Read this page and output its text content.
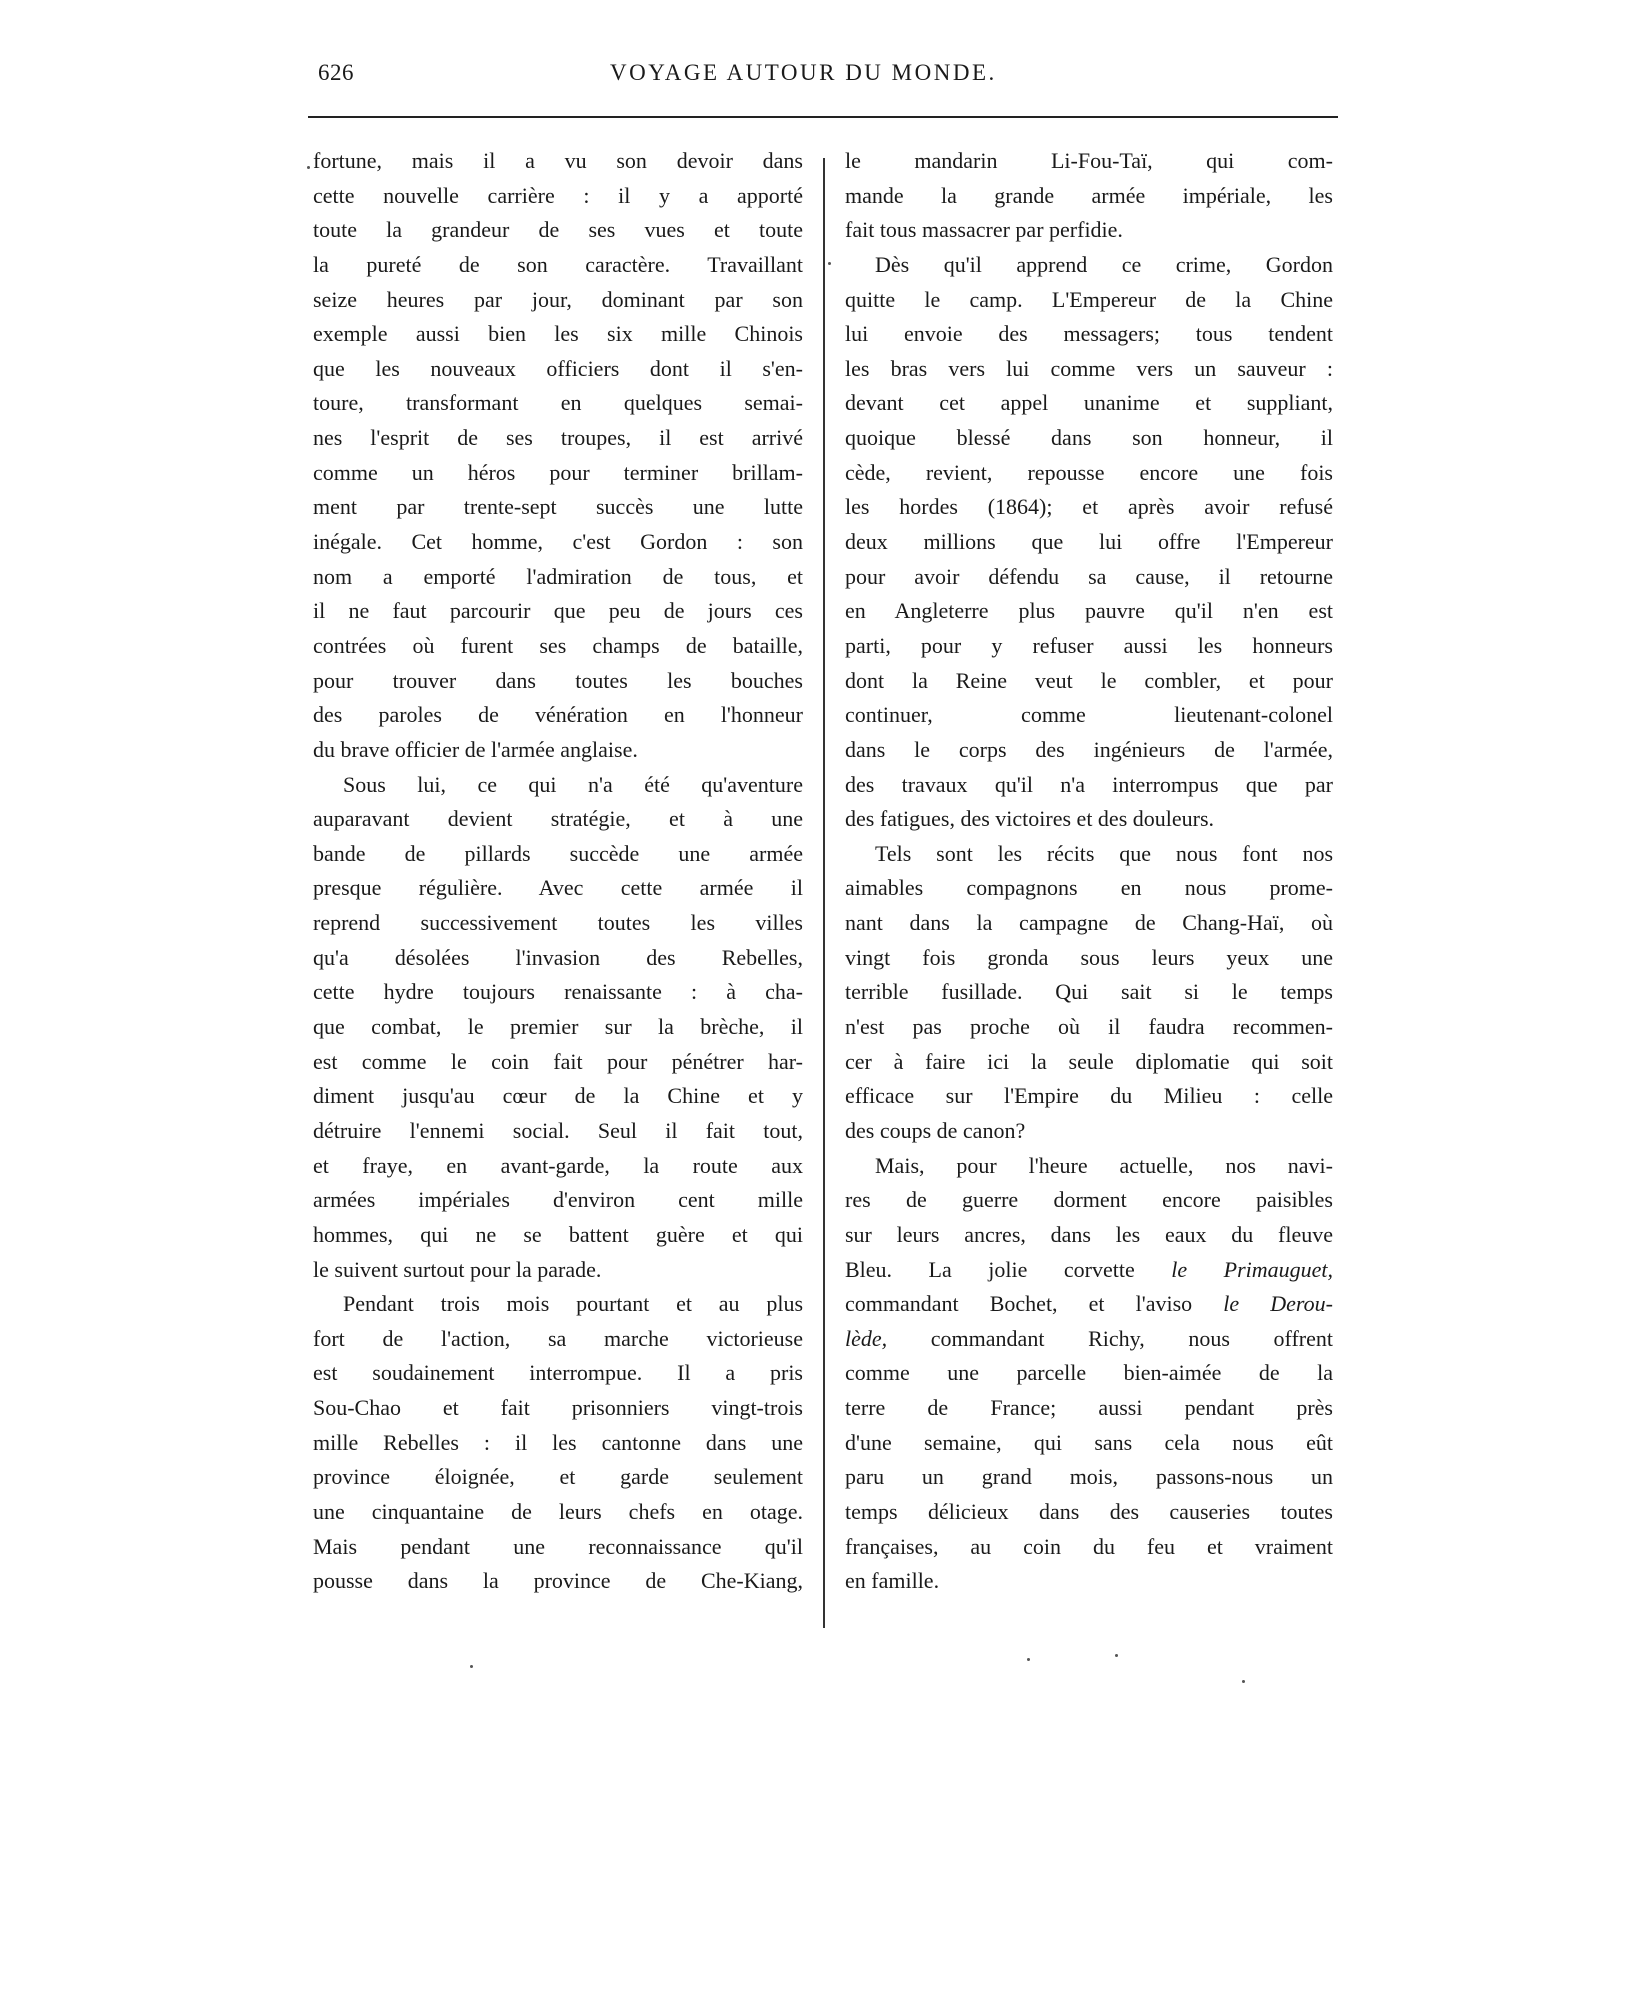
626	VOYAGE AUTOUR DU MONDE.
fortune, mais il a vu son devoir dans
cette nouvelle carrière : il y a apporté
toute la grandeur de ses vues et toute
la pureté de son caractère. Travaillant
seize heures par jour, dominant par son
exemple aussi bien les six mille Chinois
que les nouveaux officiers dont il s'en-
toure, transformant en quelques semai-
nes l'esprit de ses troupes, il est arrivé
comme un héros pour terminer brillam-
ment par trente-sept succès une lutte
inégale. Cet homme, c'est Gordon : son
nom a emporté l'admiration de tous, et
il ne faut parcourir que peu de jours ces
contrées où furent ses champs de bataille,
pour trouver dans toutes les bouches
des paroles de vénération en l'honneur
du brave officier de l'armée anglaise.
Sous lui, ce qui n'a été qu'aventure
auparavant devient stratégie, et à une
bande de pillards succède une armée
presque régulière. Avec cette armée il
reprend successivement toutes les villes
qu'a désolées l'invasion des Rebelles,
cette hydre toujours renaissante : à cha-
que combat, le premier sur la brèche, il
est comme le coin fait pour pénétrer har-
diment jusqu'au cœur de la Chine et y
détruire l'ennemi social. Seul il fait tout,
et fraye, en avant-garde, la route aux
armées impériales d'environ cent mille
hommes, qui ne se battent guère et qui
le suivent surtout pour la parade.
Pendant trois mois pourtant et au plus
fort de l'action, sa marche victorieuse
est soudainement interrompue. Il a pris
Sou-Chao et fait prisonniers vingt-trois
mille Rebelles : il les cantonne dans une
province éloignée, et garde seulement
une cinquantaine de leurs chefs en otage.
Mais pendant une reconnaissance qu'il
pousse dans la province de Che-Kiang,
le mandarin Li-Fou-Taï, qui com-
mande la grande armée impériale, les
fait tous massacrer par perfidie.
Dès qu'il apprend ce crime, Gordon
quitte le camp. L'Empereur de la Chine
lui envoie des messagers; tous tendent
les bras vers lui comme vers un sauveur :
devant cet appel unanime et suppliant,
quoique blessé dans son honneur, il
cède, revient, repousse encore une fois
les hordes (1864); et après avoir refusé
deux millions que lui offre l'Empereur
pour avoir défendu sa cause, il retourne
en Angleterre plus pauvre qu'il n'en est
parti, pour y refuser aussi les honneurs
dont la Reine veut le combler, et pour
continuer, comme lieutenant-colonel
dans le corps des ingénieurs de l'armée,
des travaux qu'il n'a interrompus que par
des fatigues, des victoires et des douleurs.
Tels sont les récits que nous font nos
aimables compagnons en nous prome-
nant dans la campagne de Chang-Haï, où
vingt fois gronda sous leurs yeux une
terrible fusillade. Qui sait si le temps
n'est pas proche où il faudra recommen-
cer à faire ici la seule diplomatie qui soit
efficace sur l'Empire du Milieu : celle
des coups de canon?
Mais, pour l'heure actuelle, nos navi-
res de guerre dorment encore paisibles
sur leurs ancres, dans les eaux du fleuve
Bleu. La jolie corvette le Primauguet,
commandant Bochet, et l'aviso le Derou-
lède, commandant Richy, nous offrent
comme une parcelle bien-aimée de la
terre de France; aussi pendant près
d'une semaine, qui sans cela nous eût
paru un grand mois, passons-nous un
temps délicieux dans des causeries toutes
françaises, au coin du feu et vraiment
en famille.
